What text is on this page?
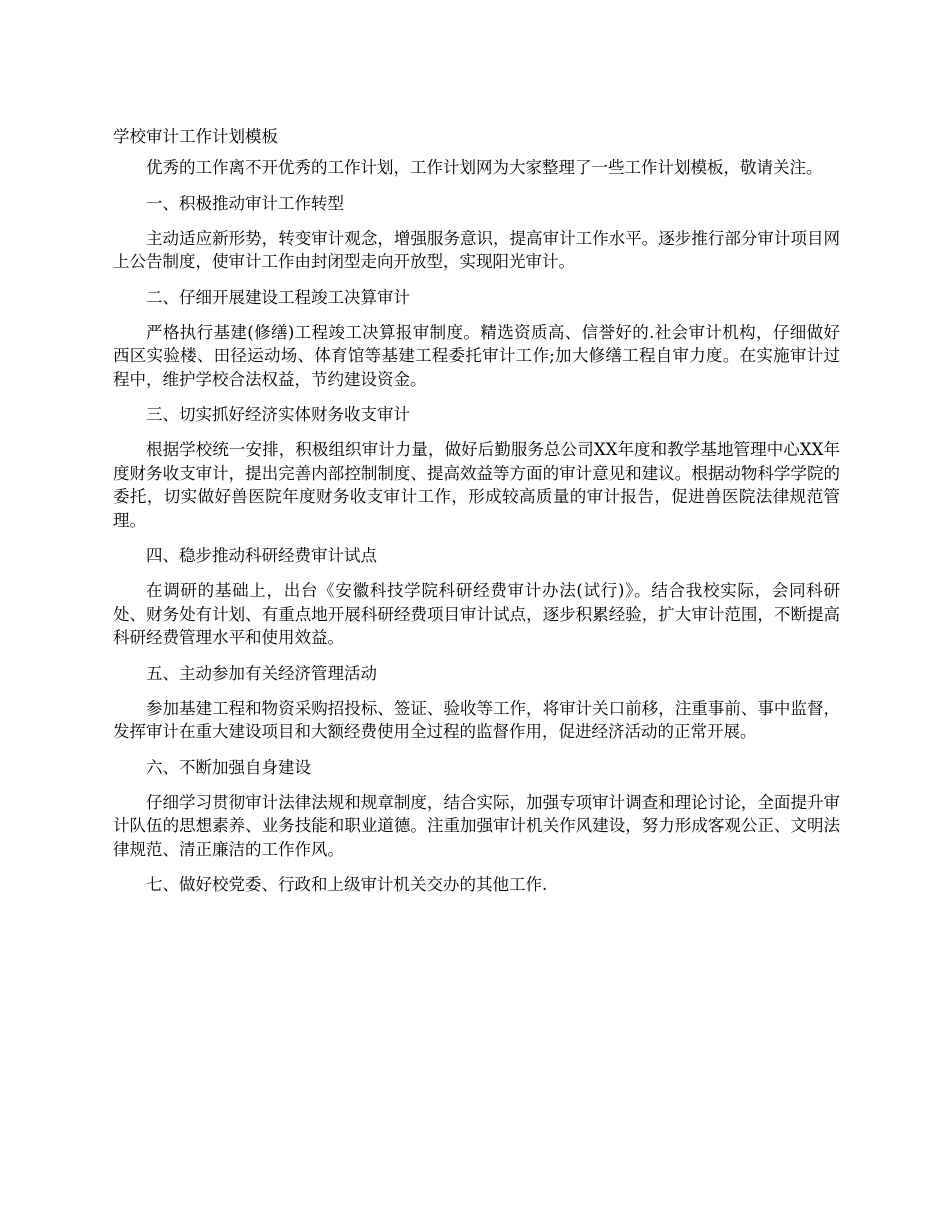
学校审计工作计划模板

优秀的工作离不开优秀的工作计划，工作计划网为大家整理了一些工作计划模板，敬请关注。

一、积极推动审计工作转型

主动适应新形势，转变审计观念，增强服务意识，提高审计工作水平。逐步推行部分审计项目网上公告制度，使审计工作由封闭型走向开放型，实现阳光审计。

二、仔细开展建设工程竣工决算审计

严格执行基建(修缮)工程竣工决算报审制度。精选资质高、信誉好的.社会审计机构，仔细做好西区实验楼、田径运动场、体育馆等基建工程委托审计工作;加大修缮工程自审力度。在实施审计过程中，维护学校合法权益，节约建设资金。

三、切实抓好经济实体财务收支审计

根据学校统一安排，积极组织审计力量，做好后勤服务总公司XX年度和教学基地管理中心XX年度财务收支审计，提出完善内部控制制度、提高效益等方面的审计意见和建议。根据动物科学学院的委托，切实做好兽医院年度财务收支审计工作，形成较高质量的审计报告，促进兽医院法律规范管理。

四、稳步推动科研经费审计试点

在调研的基础上，出台《安徽科技学院科研经费审计办法(试行)》。结合我校实际，会同科研处、财务处有计划、有重点地开展科研经费项目审计试点，逐步积累经验，扩大审计范围，不断提高科研经费管理水平和使用效益。

五、主动参加有关经济管理活动

参加基建工程和物资采购招投标、签证、验收等工作，将审计关口前移，注重事前、事中监督，发挥审计在重大建设项目和大额经费使用全过程的监督作用，促进经济活动的正常开展。

六、不断加强自身建设

仔细学习贯彻审计法律法规和规章制度，结合实际，加强专项审计调查和理论讨论，全面提升审计队伍的思想素养、业务技能和职业道德。注重加强审计机关作风建设，努力形成客观公正、文明法律规范、清正廉洁的工作作风。

七、做好校党委、行政和上级审计机关交办的其他工作.
